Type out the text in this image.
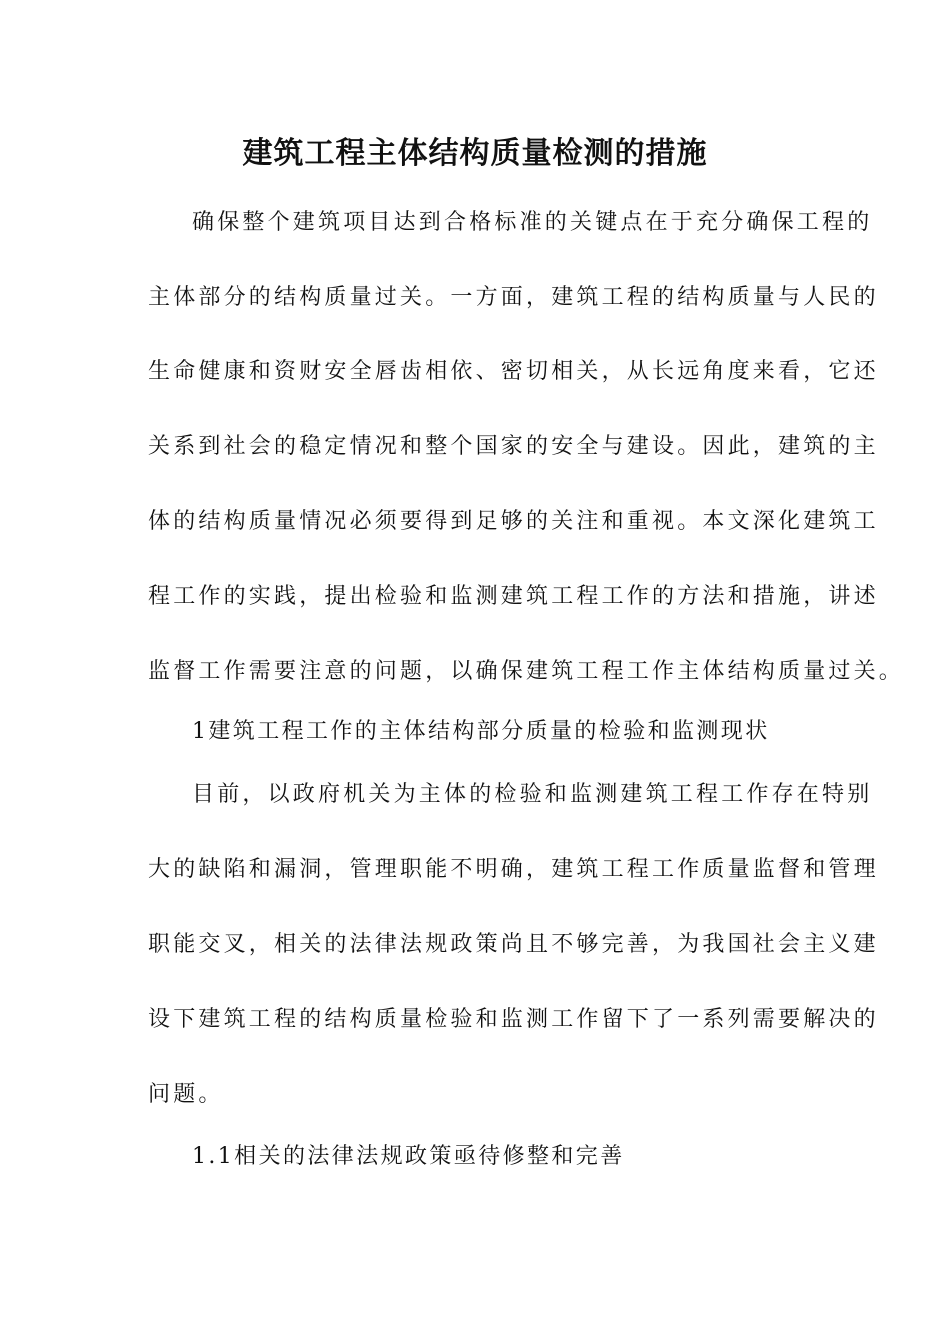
建筑工程主体结构质量检测的措施

确保整个建筑项目达到合格标准的关键点在于充分确保工程的

主体部分的结构质量过关。一方面，建筑工程的结构质量与人民的

生命健康和资财安全唇齿相依、密切相关，从长远角度来看，它还

关系到社会的稳定情况和整个国家的安全与建设。因此，建筑的主

体的结构质量情况必须要得到足够的关注和重视。本文深化建筑工

程工作的实践，提出检验和监测建筑工程工作的方法和措施，讲述

监督工作需要注意的问题，以确保建筑工程工作主体结构质量过关。

1建筑工程工作的主体结构部分质量的检验和监测现状

目前，以政府机关为主体的检验和监测建筑工程工作存在特别

大的缺陷和漏洞，管理职能不明确，建筑工程工作质量监督和管理

职能交叉，相关的法律法规政策尚且不够完善，为我国社会主义建

设下建筑工程的结构质量检验和监测工作留下了一系列需要解决的

问题。

1.1相关的法律法规政策亟待修整和完善
